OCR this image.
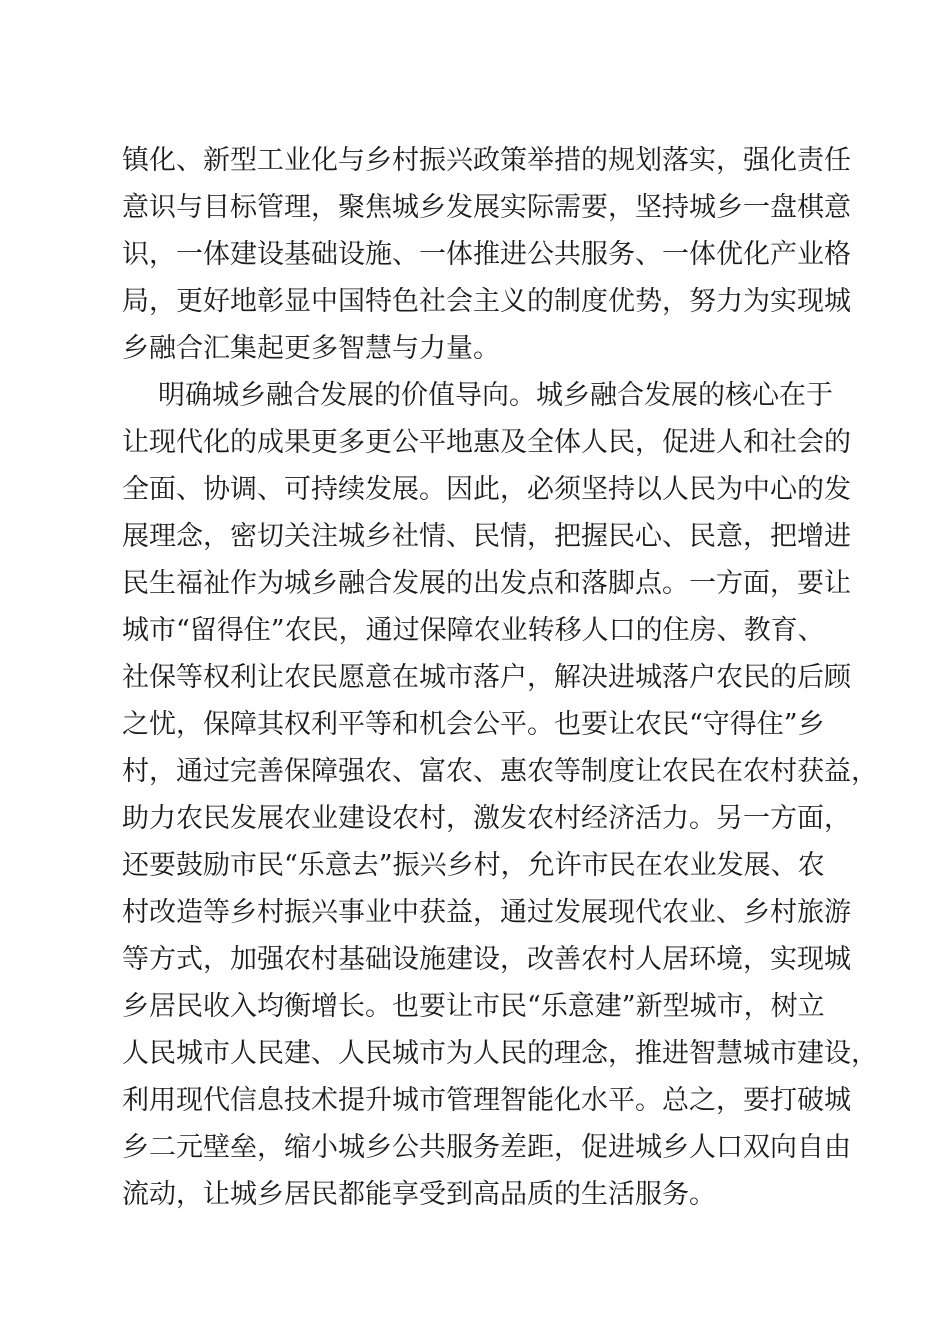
镇化、新型工业化与乡村振兴政策举措的规划落实，强化责任
意识与目标管理，聚焦城乡发展实际需要，坚持城乡一盘棋意
识，一体建设基础设施、一体推进公共服务、一体优化产业格
局，更好地彰显中国特色社会主义的制度优势，努力为实现城
乡融合汇集起更多智慧与力量。
明确城乡融合发展的价值导向。城乡融合发展的核心在于
让现代化的成果更多更公平地惠及全体人民，促进人和社会的
全面、协调、可持续发展。因此，必须坚持以人民为中心的发
展理念，密切关注城乡社情、民情，把握民心、民意，把增进
民生福祉作为城乡融合发展的出发点和落脚点。一方面，要让
城市“留得住”农民，通过保障农业转移人口的住房、教育、
社保等权利让农民愿意在城市落户，解决进城落户农民的后顾
之忧，保障其权利平等和机会公平。也要让农民“守得住”乡
村，通过完善保障强农、富农、惠农等制度让农民在农村获益，
助力农民发展农业建设农村，激发农村经济活力。另一方面，
还要鼓励市民“乐意去”振兴乡村，允许市民在农业发展、农
村改造等乡村振兴事业中获益，通过发展现代农业、乡村旅游
等方式，加强农村基础设施建设，改善农村人居环境，实现城
乡居民收入均衡增长。也要让市民“乐意建”新型城市，树立
人民城市人民建、人民城市为人民的理念，推进智慧城市建设，
利用现代信息技术提升城市管理智能化水平。总之，要打破城
乡二元壁垒，缩小城乡公共服务差距，促进城乡人口双向自由
流动，让城乡居民都能享受到高品质的生活服务。
